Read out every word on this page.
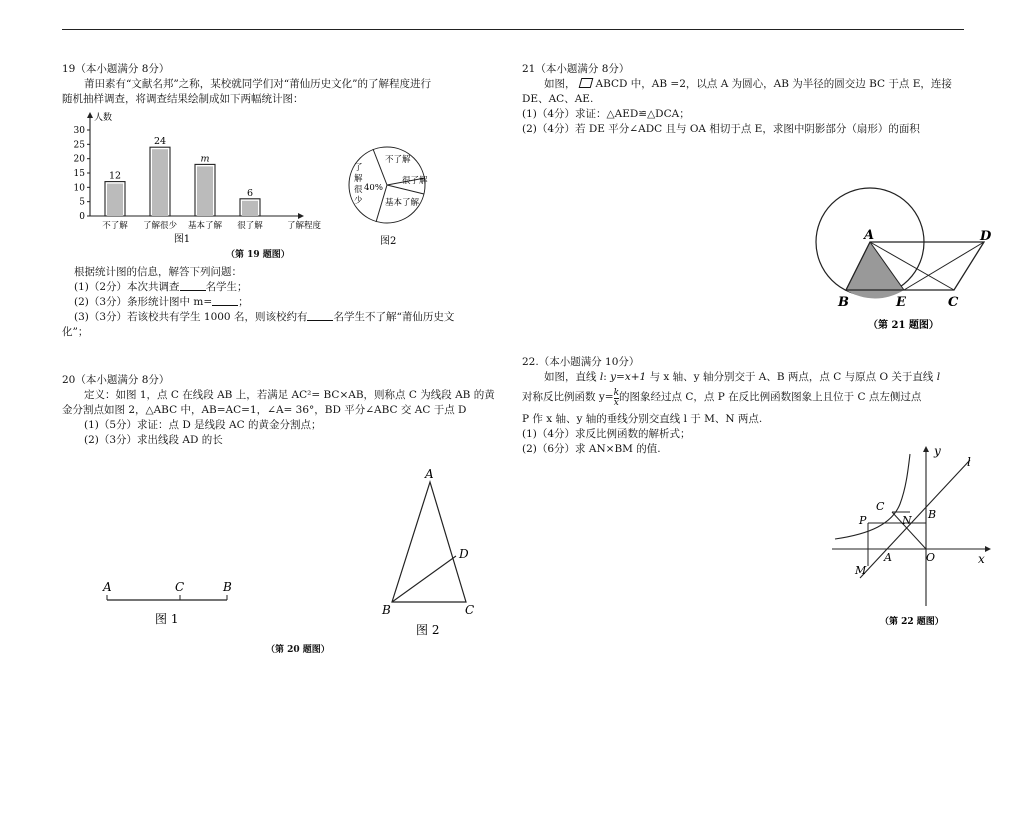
19（本小题满分 8分）
莆田素有“文献名邦”之称，某校就同学们对“莆仙历史文化”的了解程度进行
随机抽样调查，将调查结果绘制成如下两幅统计图：
人数
0
5
10
15
20
25
30
12
不了解
24
了解很少
m
基本了解
6
很了解	了解程度
图1
不了解
很了解
基本了解
40%
了解很少
图2
（第 19 题图）
根据统计图的信息，解答下列问题：
(1)（2分）本次共调查 名学生；
(2)（3分）条形统计图中 m= ；
(3)（3分）若该校共有学生 1000 名，则该校约有 名学生不了解“莆仙历史文
化”；
20（本小题满分 8分）
定义：如图 1，点 C 在线段 AB 上，若满足 AC²= BC×AB，则称点 C 为线段 AB 的黄
金分割点如图 2，△ABC 中，AB=AC=1，∠A= 36°，BD 平分∠ABC 交 AC 于点 D
(1)（5分）求证：点 D 是线段 AC 的黄金分割点；
(2)（3分）求出线段 AD 的长
A	C	B
图 1
A
B	C
D
图 2
（第 20 题图）
21（本小题满分 8分）
如图， ABCD 中，AB =2，以点 A 为圆心，AB 为半径的圆交边 BC 于点 E，连接
DE、AC、AE.
(1)（4分）求证：△AED≌△DCA；
(2)（4分）若 DE 平分∠ADC 且与 OA 相切于点 E，求图中阴影部分（扇形）的面积
A	D
B	E	C
（第 21 题图）
22.（本小题满分 10分）
如图，直线 l: y=x+1 与 x 轴、y 轴分别交于 A、B 两点，点 C 与原点 O 关于直线 l
对称反比例函数 $y= \frac{k}{x}$ 的图象经过点 C，点 P 在反比例函数图象上且位于 C 点左侧过点
P 作 x 轴、y 轴的垂线分别交直线 l 于 M、N 两点.
(1)（4分）求反比例函数的解析式；
(2)（6分）求 AN×BM 的值.	y
x
l
C
P	N B
M
A	O
（第 22 题图）
